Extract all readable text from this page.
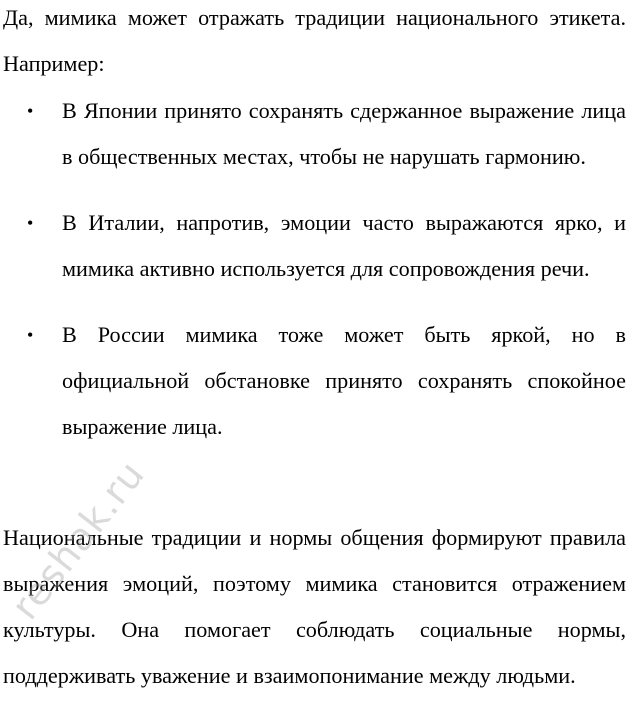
Да, мимика может отражать традиции национального этикета. Например:

• В Японии принято сохранять сдержанное выражение лица в общественных местах, чтобы не нарушать гармонию.
• В Италии, напротив, эмоции часто выражаются ярко, и мимика активно используется для сопровождения речи.
• В России мимика тоже может быть яркой, но в официальной обстановке принято сохранять спокойное выражение лица.

Национальные традиции и нормы общения формируют правила выражения эмоций, поэтому мимика становится отражением культуры. Она помогает соблюдать социальные нормы, поддерживать уважение и взаимопонимание между людьми.

reshak.ru
